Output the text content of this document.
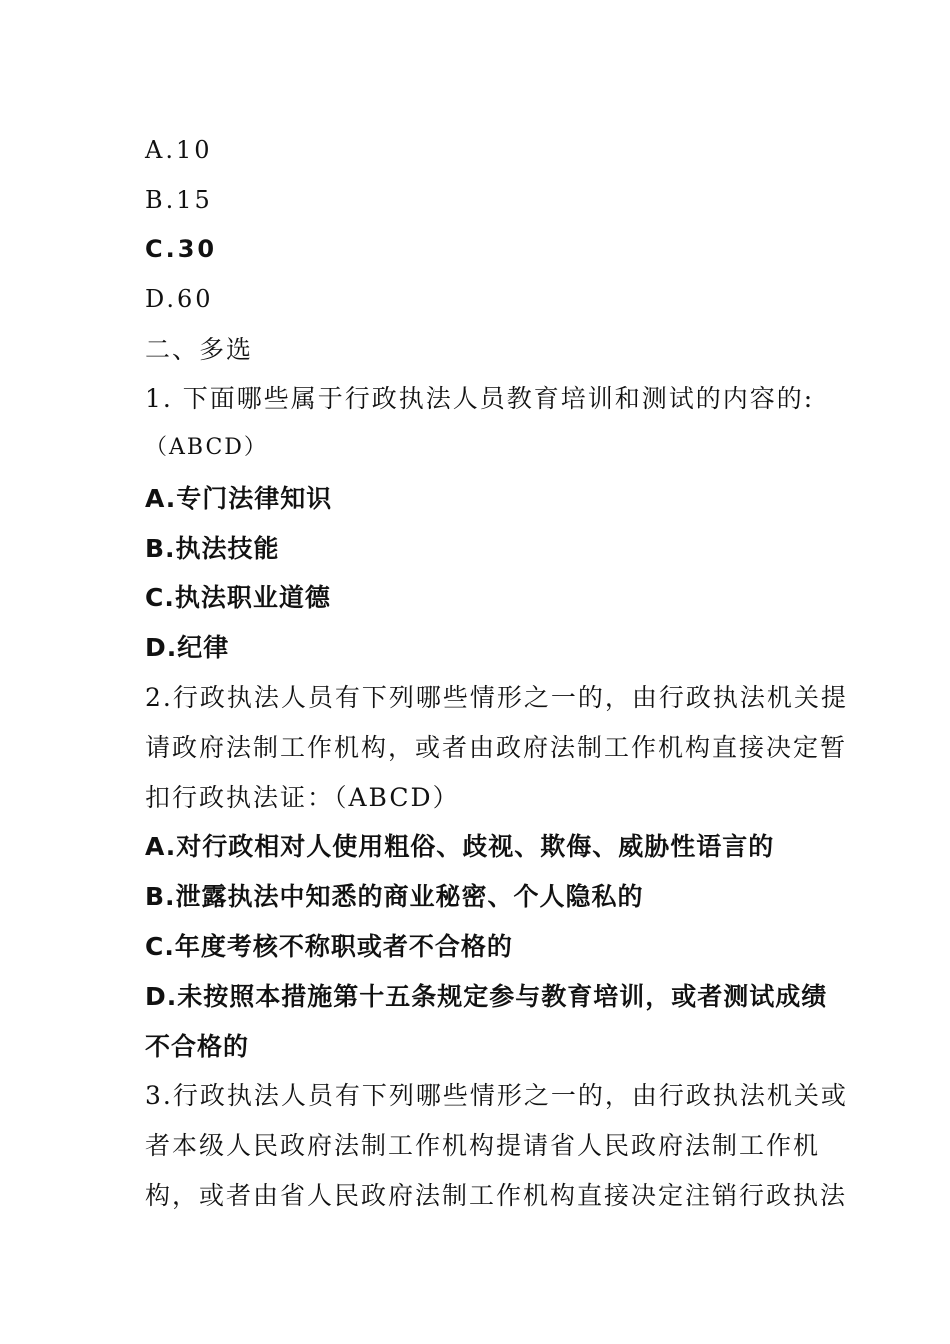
A.10
B.15
C.30
D.60
二、多选
1. 下面哪些属于行政执法人员教育培训和测试的内容的:
（ABCD）
A.专门法律知识
B.执法技能
C.执法职业道德
D.纪律
2.行政执法人员有下列哪些情形之一的，由行政执法机关提
请政府法制工作机构，或者由政府法制工作机构直接决定暂
扣行政执法证：（ABCD）
A.对行政相对人使用粗俗、歧视、欺侮、威胁性语言的
B.泄露执法中知悉的商业秘密、个人隐私的
C.年度考核不称职或者不合格的
D.未按照本措施第十五条规定参与教育培训，或者测试成绩
不合格的
3.行政执法人员有下列哪些情形之一的，由行政执法机关或
者本级人民政府法制工作机构提请省人民政府法制工作机
构，或者由省人民政府法制工作机构直接决定注销行政执法
